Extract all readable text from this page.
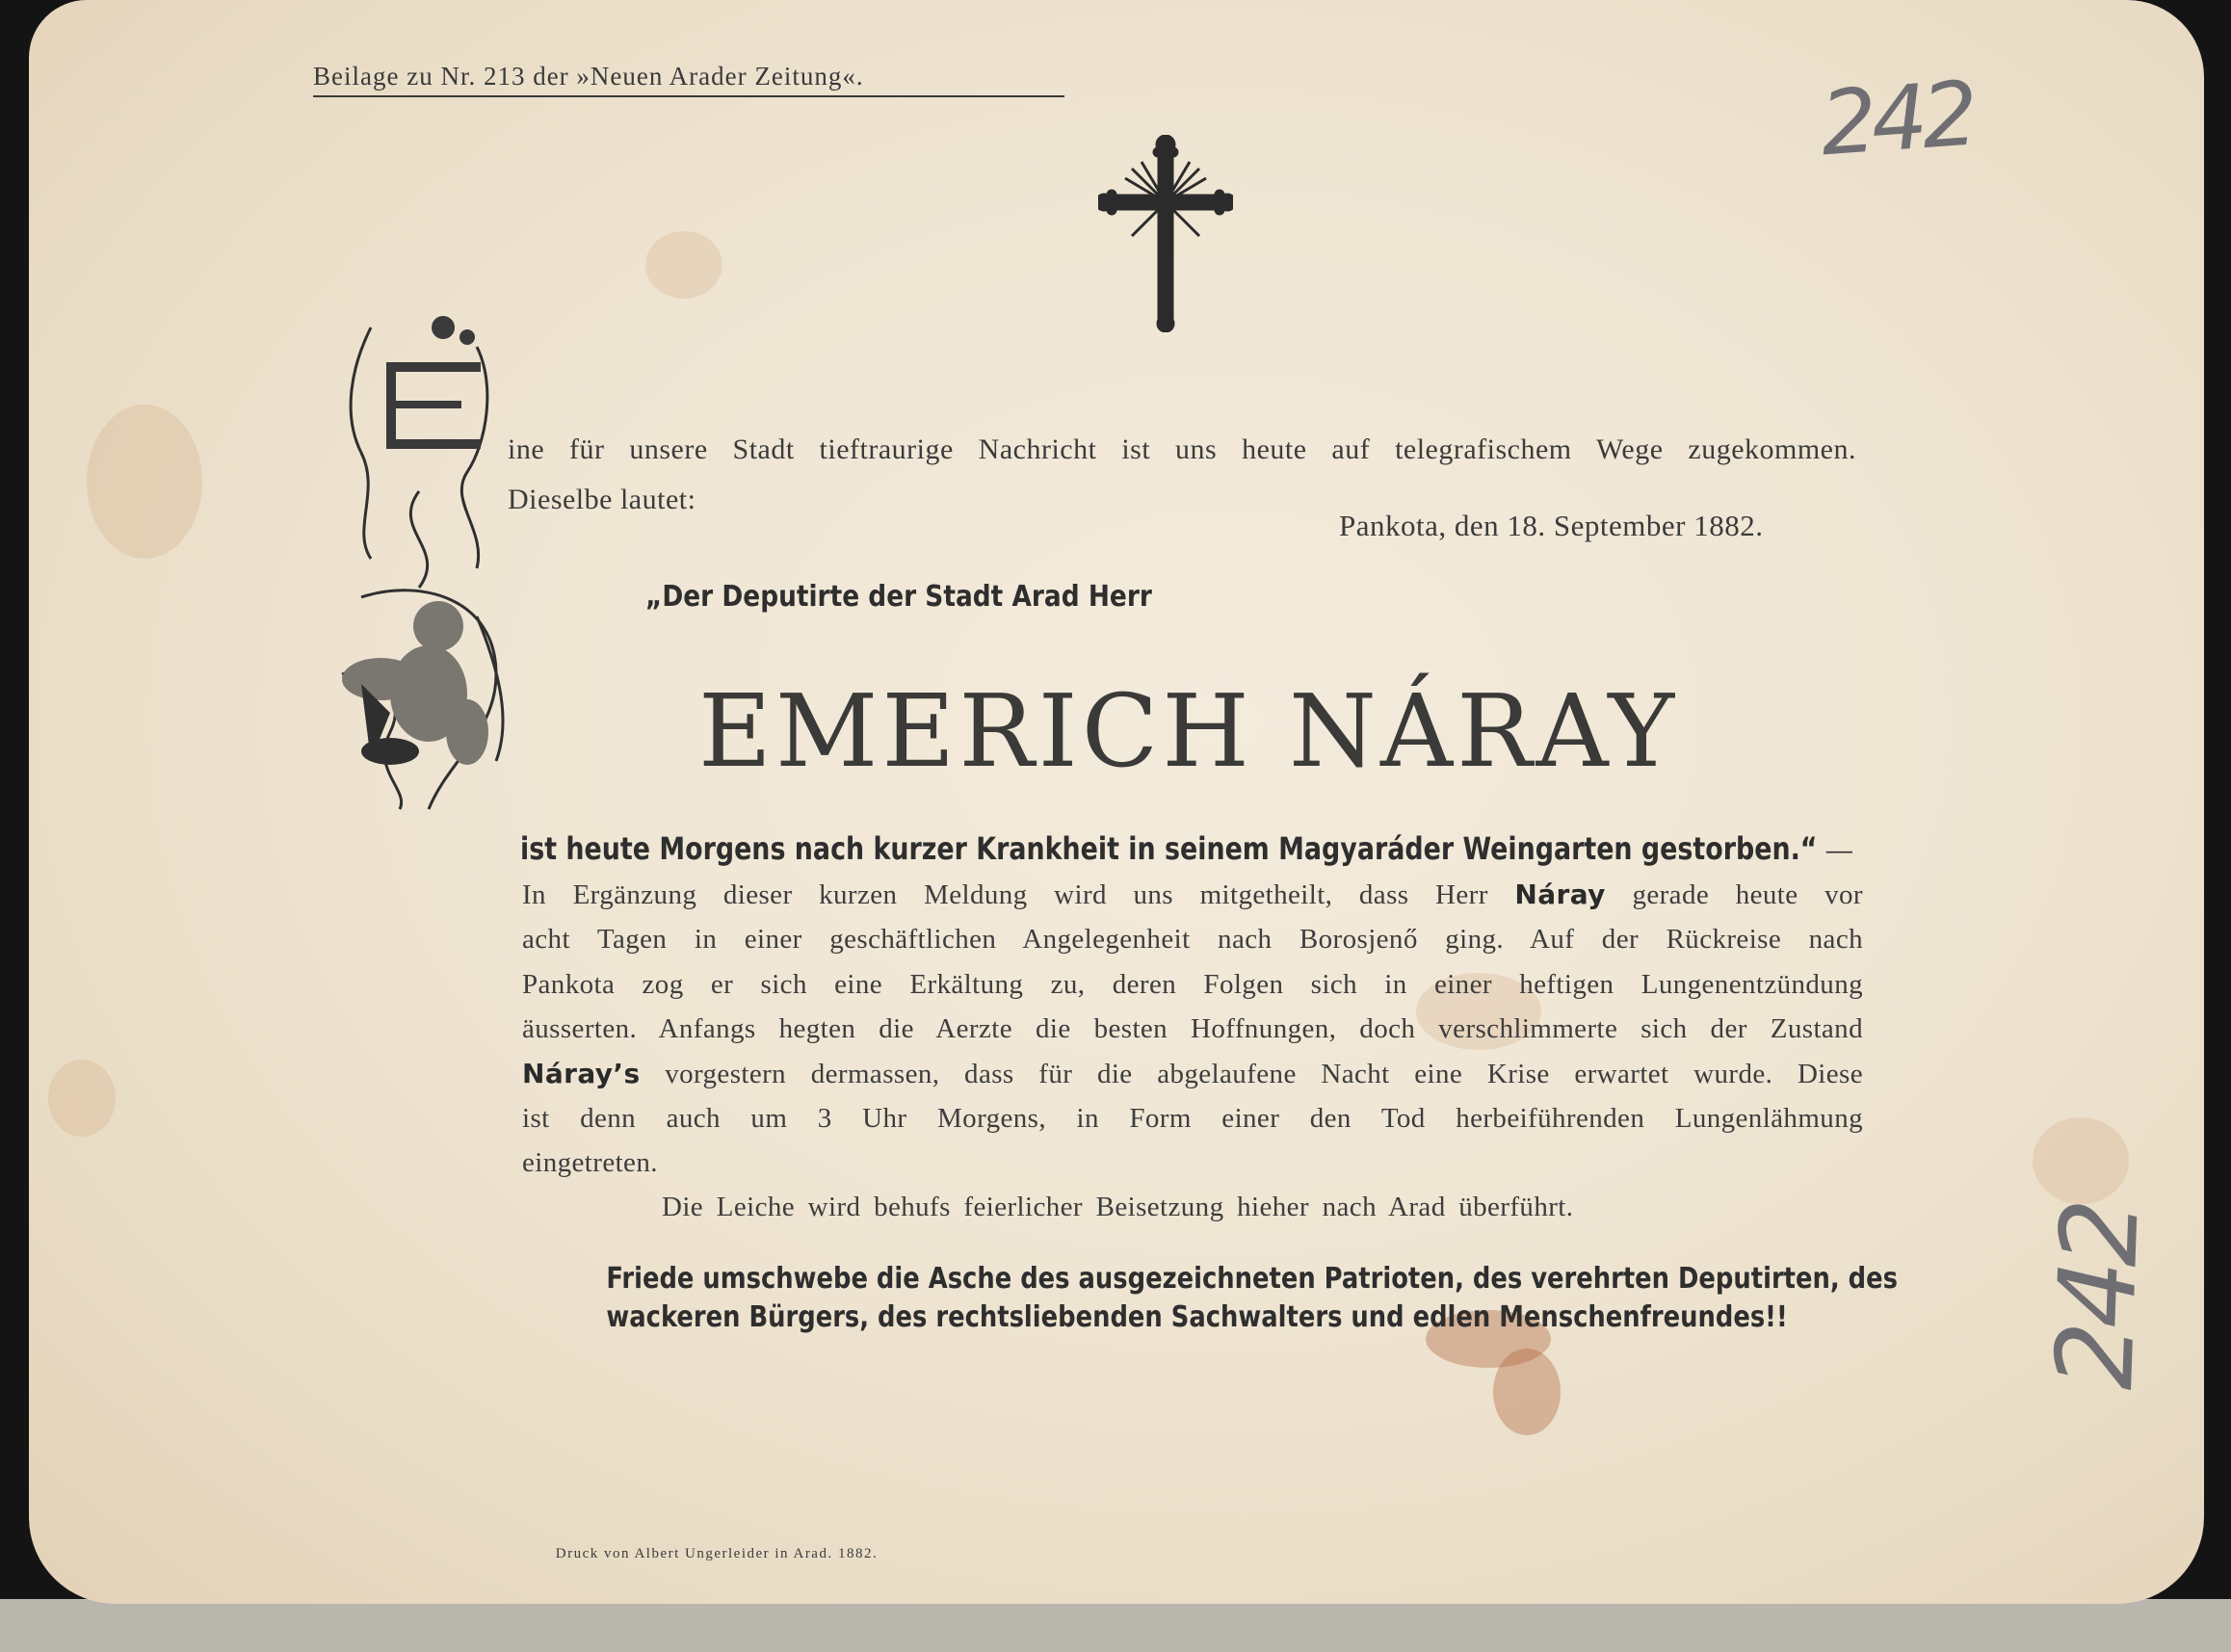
Beilage zu Nr. 213 der »Neuen Arader Zeitung«.	242
242
ine für unsere Stadt tieftraurige Nachricht ist uns heute auf telegrafischem Wege zugekommen.
Dieselbe lautet:
Pankota, den 18. September 1882.
„Der Deputirte der Stadt Arad Herr
EMERICH NÁRAY
ist heute Morgens nach kurzer Krankheit in seinem Magyaráder Weingarten gestorben.“ —
In Ergänzung dieser kurzen Meldung wird uns mitgetheilt, dass Herr Náray gerade heute vor
acht Tagen in einer geschäftlichen Angelegenheit nach Borosjenő ging. Auf der Rückreise nach
Pankota zog er sich eine Erkältung zu, deren Folgen sich in einer heftigen Lungenentzündung
äusserten. Anfangs hegten die Aerzte die besten Hoffnungen, doch verschlimmerte sich der Zustand
Náray’s vorgestern dermassen, dass für die abgelaufene Nacht eine Krise erwartet wurde. Diese
ist denn auch um 3 Uhr Morgens, in Form einer den Tod herbeiführenden Lungenlähmung
eingetreten.
Die Leiche wird behufs feierlicher Beisetzung hieher nach Arad überführt.
Friede umschwebe die Asche des ausgezeichneten Patrioten, des verehrten Deputirten, des
wackeren Bürgers, des rechtsliebenden Sachwalters und edlen Menschenfreundes!!
Druck von Albert Ungerleider in Arad. 1882.
